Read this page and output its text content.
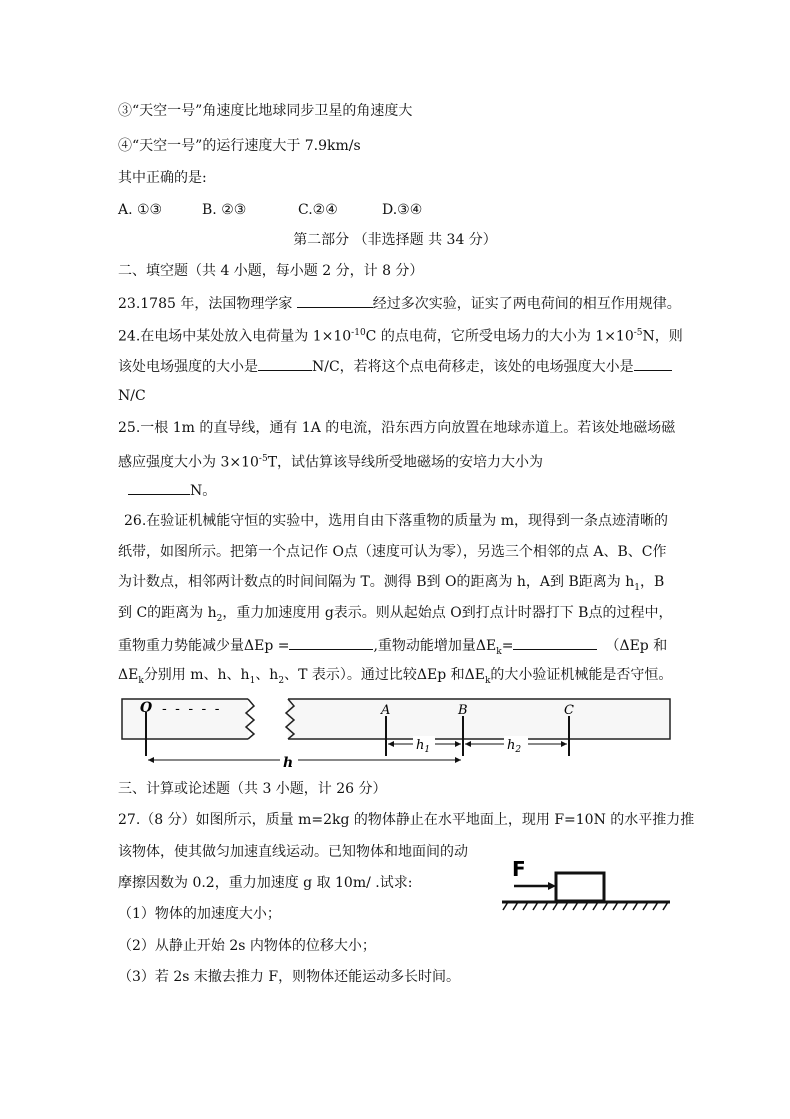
③“天空一号”角速度比地球同步卫星的角速度大
④“天空一号”的运行速度大于 7.9km/s
其中正确的是:
A. ①③	B. ②③	C.②④	D.③④
第二部分 （非选择题 共 34 分）
二、填空题（共 4 小题，每小题 2 分，计 8 分）
23.1785 年，法国物理学家	经过多次实验，证实了两电荷间的相互作用规律。
24.在电场中某处放入电荷量为 $1\times 10^{-10}C$ 的点电荷，它所受电场力的大小为 $1\times 10^{-5}N$，则
该处电场强度的大小是	N/C，若将这个点电荷移走，该处的电场强度大小是
N/C
25.一根 1m 的直导线，通有 1A 的电流，沿东西方向放置在地球赤道上。若该处地磁场磁
感应强度大小为 $3\times 10^{-5}T$，试估算该导线所受地磁场的安培力大小为
N。
26.在验证机械能守恒的实验中，选用自由下落重物的质量为 m，现得到一条点迹清晰的
纸带，如图所示。把第一个点记作 O点（速度可认为零），另选三个相邻的点 A、B、C作
为计数点，相邻两计数点的时间间隔为 T。测得 B到 O的距离为 h，A到 B距离为 $h_1$，B
到 C的距离为 $h_2$，重力加速度用 g表示。则从起始点 O到打点计时器打下 B点的过程中，
重物重力势能减少量ΔEp =	,重物动能增加量$\Delta E_k=$	（ΔEp 和
$\Delta E_k$分别用 m、h、$h_1$、$h_2$、T 表示）。通过比较ΔEp 和$\Delta E_k$的大小验证机械能是否守恒。
O - - - - -	A	B	C
$h_1$	$h_2$
h
三、计算或论述题（共 3 小题，计 26 分）
27.（8 分）如图所示，质量 m=2kg 的物体静止在水平地面上，现用 F=10N 的水平推力推
该物体，使其做匀加速直线运动。已知物体和地面间的动
摩擦因数为 0.2，重力加速度 g 取 10m/ .试求:
（1）物体的加速度大小；
（2）从静止开始 2s 内物体的位移大小；
（3）若 2s 末撤去推力 F，则物体还能运动多长时间。
F
